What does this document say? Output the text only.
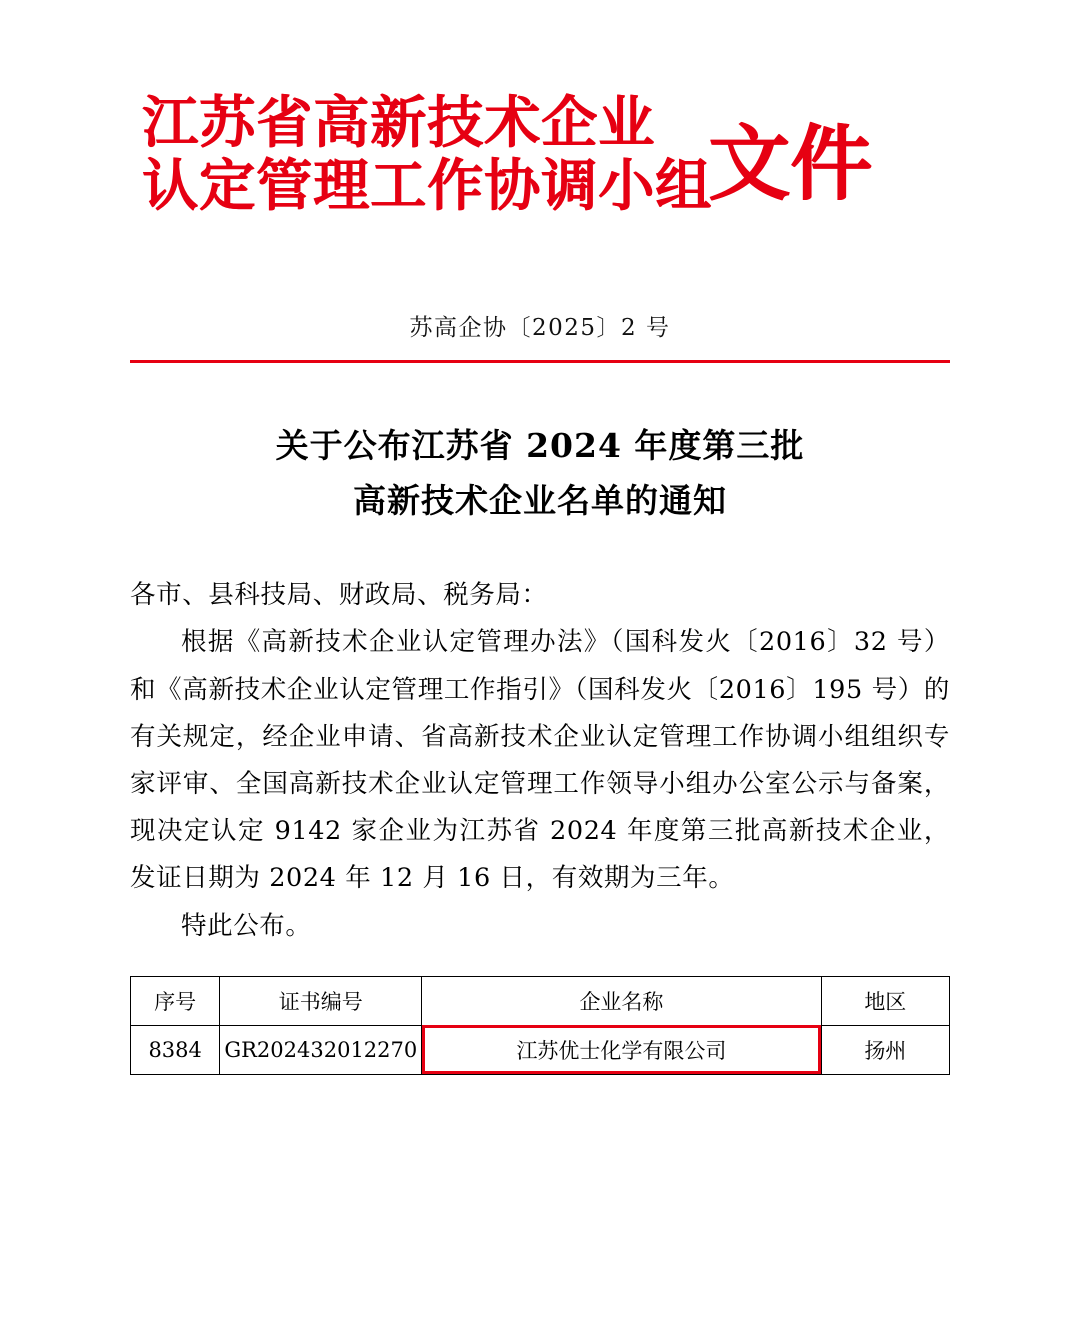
江苏省高新技术企业
认定管理工作协调小组
文件
苏高企协〔2025〕2 号
关于公布江苏省 2024 年度第三批
高新技术企业名单的通知

各市、县科技局、财政局、税务局：

根据《高新技术企业认定管理办法》（国科发火〔2016〕32 号）和《高新技术企业认定管理工作指引》（国科发火〔2016〕195 号）的有关规定，经企业申请、省高新技术企业认定管理工作协调小组组织专家评审、全国高新技术企业认定管理工作领导小组办公室公示与备案，现决定认定 9142 家企业为江苏省 2024 年度第三批高新技术企业，发证日期为 2024 年 12 月 16 日，有效期为三年。

特此公布。

序号	证书编号	企业名称	地区
8384	GR202432012270	江苏优士化学有限公司	扬州
